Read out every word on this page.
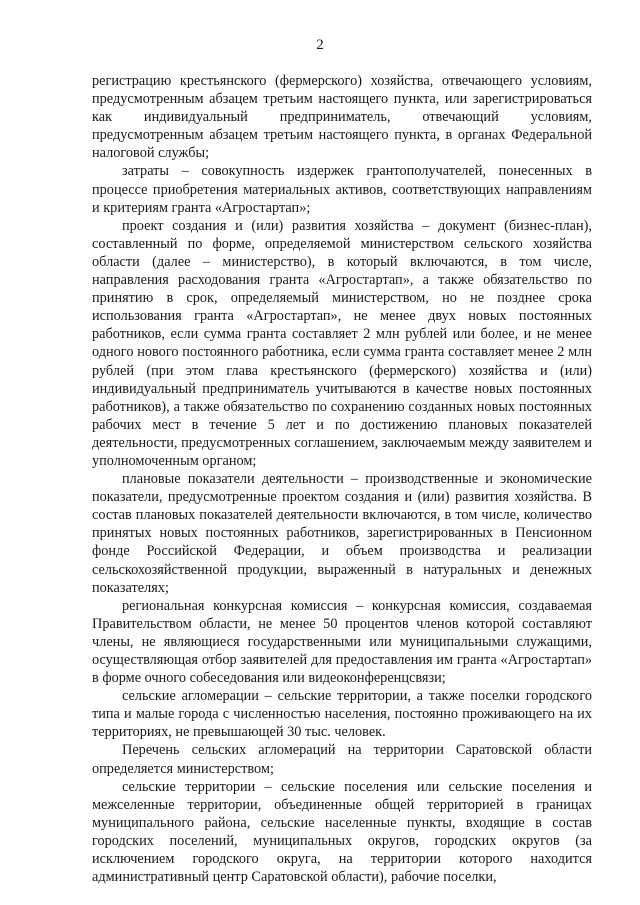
2

регистрацию крестьянского (фермерского) хозяйства, отвечающего условиям, предусмотренным абзацем третьим настоящего пункта, или зарегистрироваться как индивидуальный предприниматель, отвечающий условиям, предусмотренным абзацем третьим настоящего пункта, в органах Федеральной налоговой службы;

затраты – совокупность издержек грантополучателей, понесенных в процессе приобретения материальных активов, соответствующих направлениям и критериям гранта «Агростартап»;

проект создания и (или) развития хозяйства – документ (бизнес-план), составленный по форме, определяемой министерством сельского хозяйства области (далее – министерство), в который включаются, в том числе, направления расходования гранта «Агростартап», а также обязательство по принятию в срок, определяемый министерством, но не позднее срока использования гранта «Агростартап», не менее двух новых постоянных работников, если сумма гранта составляет 2 млн рублей или более, и не менее одного нового постоянного работника, если сумма гранта составляет менее 2 млн рублей (при этом глава крестьянского (фермерского) хозяйства и (или) индивидуальный предприниматель учитываются в качестве новых постоянных работников), а также обязательство по сохранению созданных новых постоянных рабочих мест в течение 5 лет и по достижению плановых показателей деятельности, предусмотренных соглашением, заключаемым между заявителем и уполномоченным органом;

плановые показатели деятельности – производственные и экономические показатели, предусмотренные проектом создания и (или) развития хозяйства. В состав плановых показателей деятельности включаются, в том числе, количество принятых новых постоянных работников, зарегистрированных в Пенсионном фонде Российской Федерации, и объем производства и реализации сельскохозяйственной продукции, выраженный в натуральных и денежных показателях;

региональная конкурсная комиссия – конкурсная комиссия, создаваемая Правительством области, не менее 50 процентов членов которой составляют члены, не являющиеся государственными или муниципальными служащими, осуществляющая отбор заявителей для предоставления им гранта «Агростартап» в форме очного собеседования или видеоконференцсвязи;

сельские агломерации – сельские территории, а также поселки городского типа и малые города с численностью населения, постоянно проживающего на их территориях, не превышающей 30 тыс. человек.

Перечень сельских агломераций на территории Саратовской области определяется министерством;

сельские территории – сельские поселения или сельские поселения и межселенные территории, объединенные общей территорией в границах муниципального района, сельские населенные пункты, входящие в состав городских поселений, муниципальных округов, городских округов (за исключением городского округа, на территории которого находится административный центр Саратовской области), рабочие поселки,
